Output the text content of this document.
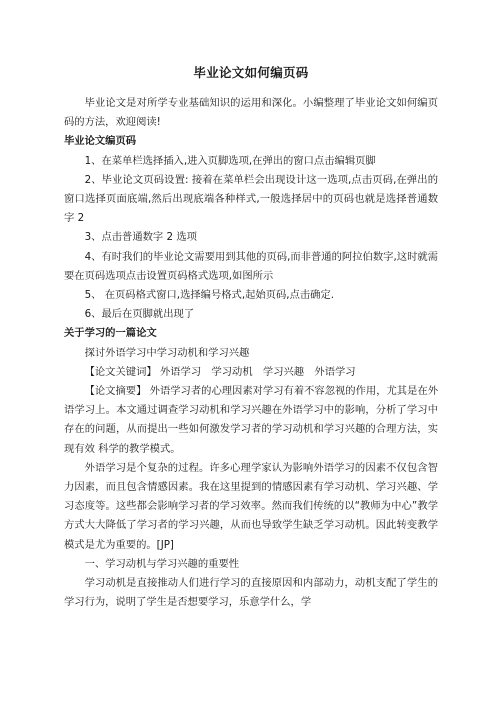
毕业论文如何编页码

毕业论文是对所学专业基础知识的运用和深化。小编整理了毕业论文如何编页码的方法，欢迎阅读!

毕业论文编页码

1、在菜单栏选择插入,进入页脚选项,在弹出的窗口点击编辑页脚

2、毕业论文页码设置: 接着在菜单栏会出现设计这一选项,点击页码,在弹出的窗口选择页面底端,然后出现底端各种样式,一般选择居中的页码也就是选择普通数字 2

3、点击普通数字 2 选项

4、有时我们的毕业论文需要用到其他的页码,而非普通的阿拉伯数字,这时就需要在页码选项点击设置页码格式选项,如图所示

5、 在页码格式窗口,选择编号格式,起始页码,点击确定.

6、最后在页脚就出现了

关于学习的一篇论文

探讨外语学习中学习动机和学习兴趣

【论文关键词】 外语学习　学习动机　学习兴趣　外语学习

【论文摘要】 外语学习者的心理因素对学习有着不容忽视的作用，尤其是在外语学习上。本文通过调查学习动机和学习兴趣在外语学习中的影响，分析了学习中存在的问题，从而提出一些如何激发学习者的学习动机和学习兴趣的合理方法，实现有效 科学的教学模式。

外语学习是个复杂的过程。许多心理学家认为影响外语学习的因素不仅包含智力因素，而且包含情感因素。我在这里提到的情感因素有学习动机、学习兴趣、学习态度等。这些都会影响学习者的学习效率。然而我们传统的以“教师为中心”教学方式大大降低了学习者的学习兴趣，从而也导致学生缺乏学习动机。因此转变教学模式是尤为重要的。[JP]

一、学习动机与学习兴趣的重要性

学习动机是直接推动人们进行学习的直接原因和内部动力，动机支配了学生的学习行为，说明了学生是否想要学习，乐意学什么，学
